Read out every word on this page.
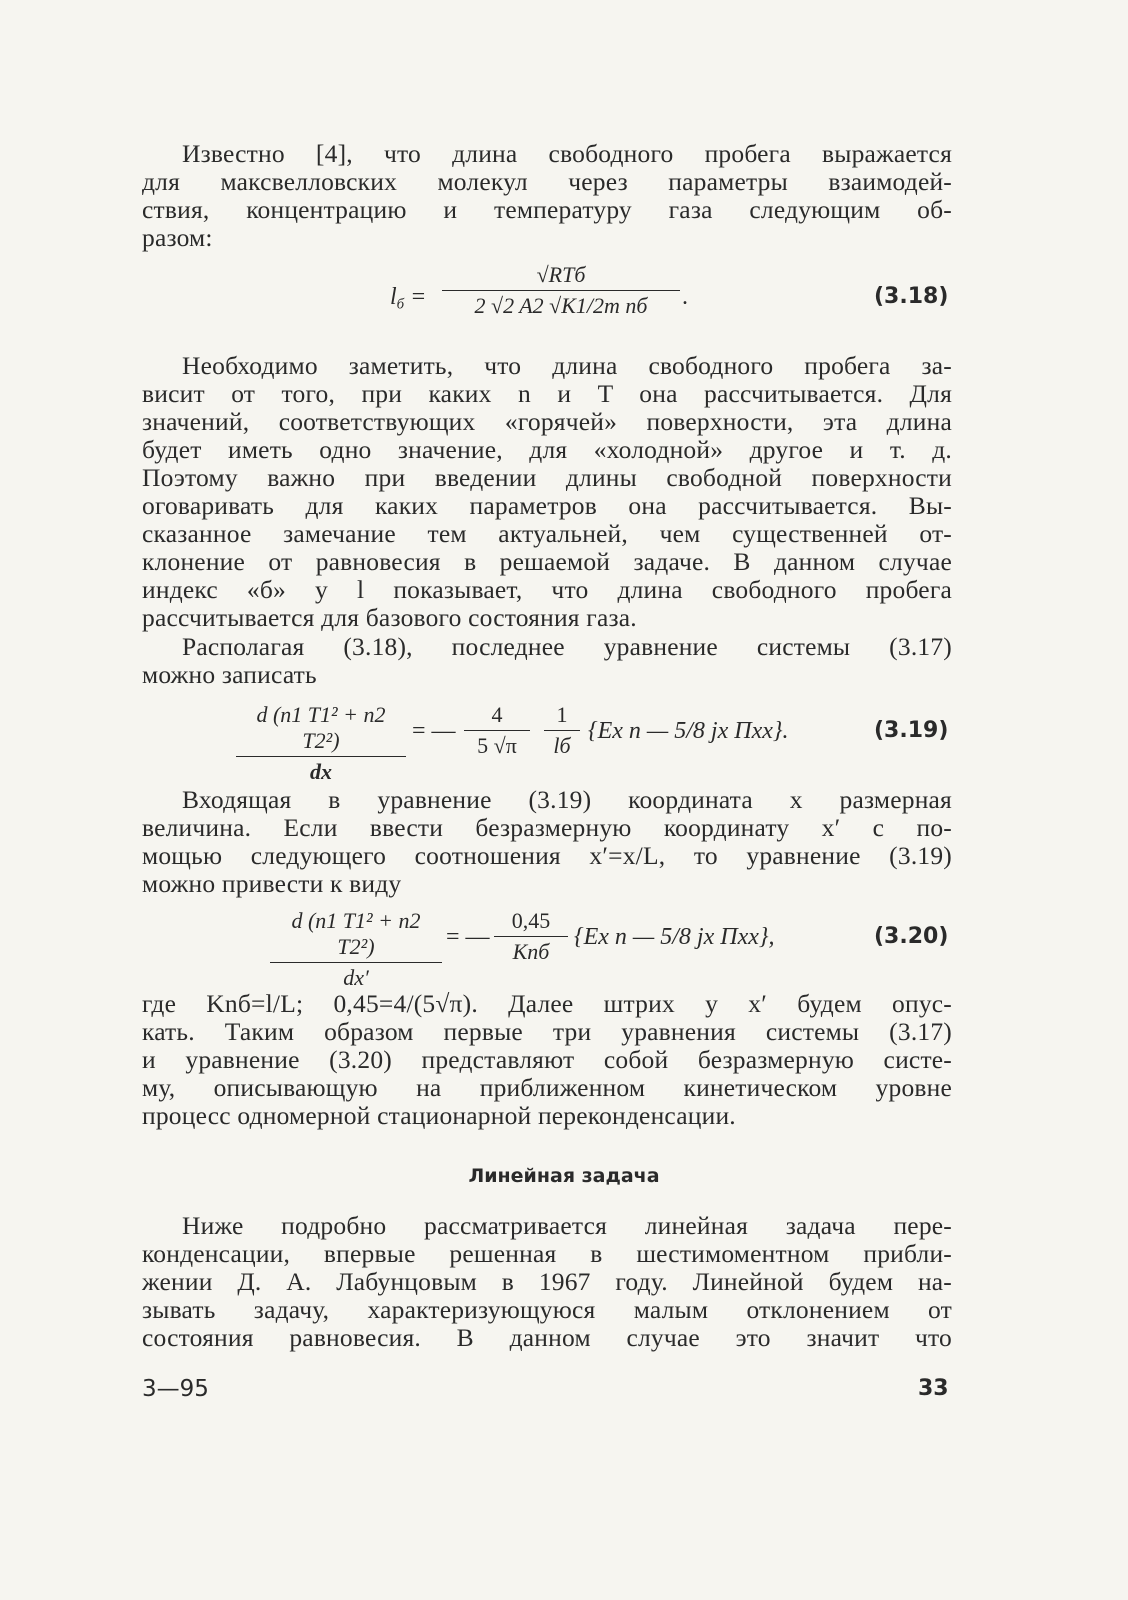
Известно [4], что длина свободного пробега выражается
для максвелловских молекул через параметры взаимодей-
ствия, концентрацию и температуру газа следующим об-
разом:
$l_б$ =
√RTб
2 √2 A2 √K1/2m nб	.	(3.18)
Необходимо заметить, что длина свободного пробега за-
висит от того, при каких n и T она рассчитывается. Для
значений, соответствующих «горячей» поверхности, эта длина
будет иметь одно значение, для «холодной» другое и т. д.
Поэтому важно при введении длины свободной поверхности
оговаривать для каких параметров она рассчитывается. Вы-
сказанное замечание тем актуальней, чем существенней от-
клонение от равновесия в решаемой задаче. В данном случае
индекс «б» у l показывает, что длина свободного пробега
рассчитывается для базового состояния газа.
Располагая (3.18), последнее уравнение системы (3.17)
можно записать
d (n1 T1² + n2 T2²)
dx
= —
4
5 √π
1
lб
{Ex n — 5/8 jx Πxx}.	(3.19)
Входящая в уравнение (3.19) координата x размерная
величина. Если ввести безразмерную координату x′ с по-
мощью следующего соотношения x′=x/L, то уравнение (3.19)
можно привести к виду
d (n1 T1² + n2 T2²)
dx′
= —
0,45
Knб
{Ex n — 5/8 jx Πxx},	(3.20)
где Knб=l/L; 0,45=4/(5√π). Далее штрих у x′ будем опус-
кать. Таким образом первые три уравнения системы (3.17)
и уравнение (3.20) представляют собой безразмерную систе-
му, описывающую на приближенном кинетическом уровне
процесс одномерной стационарной переконденсации.
Линейная задача
Ниже подробно рассматривается линейная задача пере-
конденсации, впервые решенная в шестимоментном прибли-
жении Д. А. Лабунцовым в 1967 году. Линейной будем на-
зывать задачу, характеризующуюся малым отклонением от
состояния равновесия. В данном случае это значит что
3—95	33
